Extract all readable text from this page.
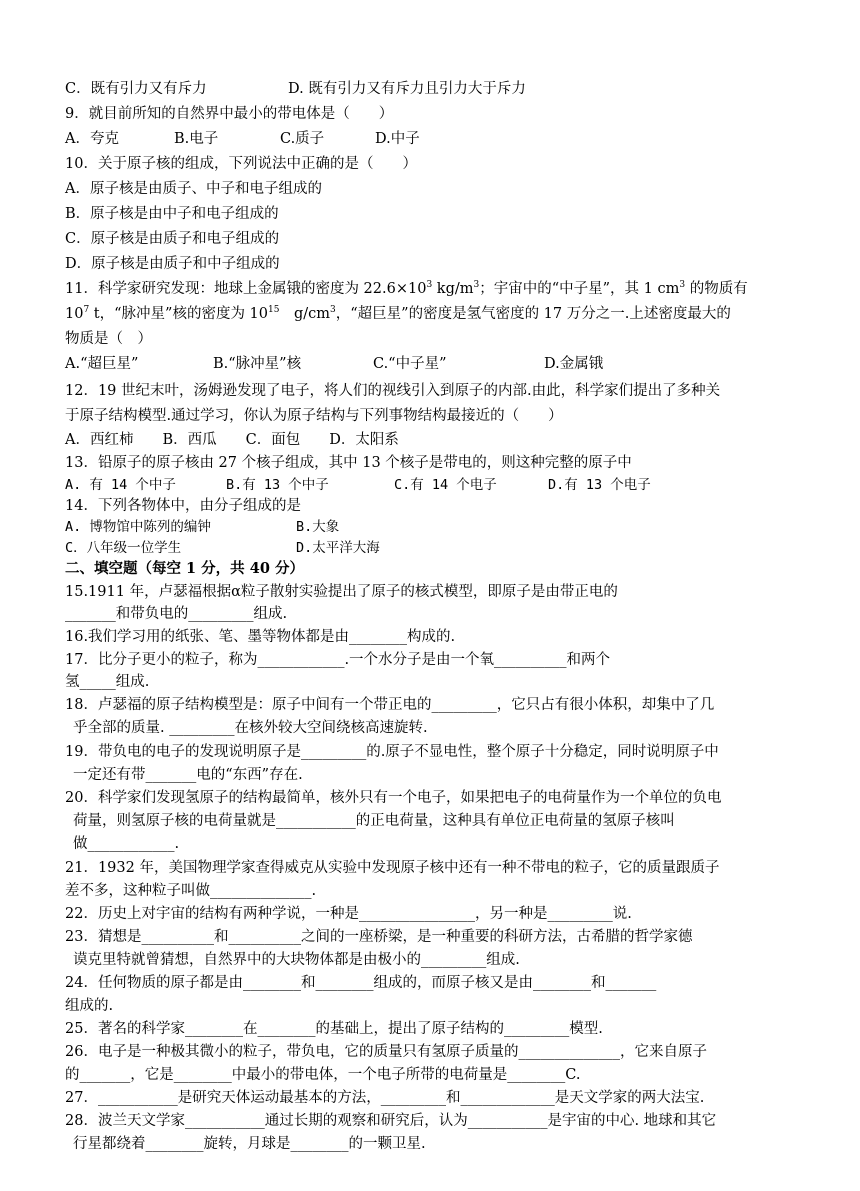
C．既有引力又有斥力	D. 既有引力又有斥力且引力大于斥力
9．就目前所知的自然界中最小的带电体是（　　）
A．夸克	B.电子	C.质子	D.中子
10．关于原子核的组成，下列说法中正确的是（　　）
A．原子核是由质子、中子和电子组成的
B．原子核是由中子和电子组成的
C．原子核是由质子和电子组成的
D．原子核是由质子和中子组成的
11．科学家研究发现：地球上金属锇的密度为 $22.6\times 10^3$ $kg/m^3$；宇宙中的“中子星”，其 1 $cm^3$ 的物质有
$10^7$ t，“脉冲星”核的密度为 $10^{15}$　$g/cm^3$，“超巨星”的密度是氢气密度的 17 万分之一.上述密度最大的
物质是（　）
A.“超巨星”	B.“脉冲星”核	C.“中子星”	D.金属锇
12．19 世纪末叶，汤姆逊发现了电子，将人们的视线引入到原子的内部.由此，科学家们提出了多种关
于原子结构模型.通过学习，你认为原子结构与下列事物结构最接近的（　　）
A．西红柿　　B．西瓜　　C．面包　　D．太阳系
13．铅原子的原子核由 27 个核子组成，其中 13 个核子是带电的，则这种完整的原子中
A. 有 14 个中子	B.有 13 个中子	C.有 14 个电子	D.有 13 个电子
14．下列各物体中，由分子组成的是
A. 博物馆中陈列的编钟	B.大象
C．八年级一位学生	D.太平洋大海
二、填空题（每空 1 分，共 40 分）
15.1911 年，卢瑟福根据α粒子散射实验提出了原子的核式模型，即原子是由带正电的
_______和带负电的_________组成.
16.我们学习用的纸张、笔、墨等物体都是由________构成的.
17．比分子更小的粒子，称为____________.一个水分子是由一个氧__________和两个
氢_____组成.
18．卢瑟福的原子结构模型是：原子中间有一个带正电的_________，它只占有很小体积，却集中了几
乎全部的质量. _________在核外较大空间绕核高速旋转.
19．带负电的电子的发现说明原子是_________的.原子不显电性，整个原子十分稳定，同时说明原子中
一定还有带_______电的“东西”存在.
20．科学家们发现氢原子的结构最简单，核外只有一个电子，如果把电子的电荷量作为一个单位的负电
荷量，则氢原子核的电荷量就是___________的正电荷量，这种具有单位正电荷量的氢原子核叫
做____________.
21．1932 年，美国物理学家查得威克从实验中发现原子核中还有一种不带电的粒子，它的质量跟质子
差不多，这种粒子叫做______________.
22．历史上对宇宙的结构有两种学说，一种是________________，另一种是_________说.
23．猜想是__________和__________之间的一座桥梁，是一种重要的科研方法，古希腊的哲学家德
谟克里特就曾猜想，自然界中的大块物体都是由极小的_________组成.
24．任何物质的原子都是由________和________组成的，而原子核又是由________和_______
组成的.
25．著名的科学家________在________的基础上，提出了原子结构的_________模型.
26．电子是一种极其微小的粒子，带负电，它的质量只有氢原子质量的______________，它来自原子
的_______，它是________中最小的带电体，一个电子所带的电荷量是________C.
27．___________是研究天体运动最基本的方法，_________和_____________是天文学家的两大法宝.
28．波兰天文学家___________通过长期的观察和研究后，认为___________是宇宙的中心. 地球和其它
行星都绕着________旋转，月球是________的一颗卫星.
